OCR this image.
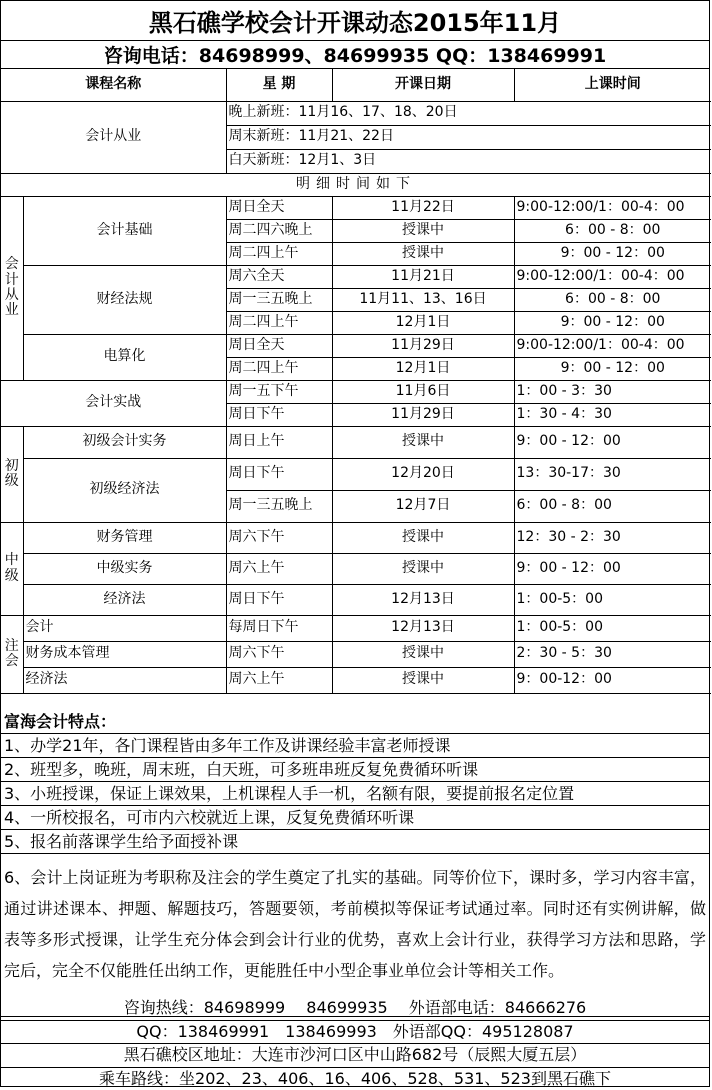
黑石礁学校会计开课动态2015年11月
咨询电话：84698999、84699935 QQ：138469991
课程名称		星 期	开课日期	上课时间
会计从业		晚上新班：11月16、17、18、20日		
		周末新班：11月21、22日		
		白天新班：12月1、3日		
明细时间如下				
会计从业	会计基础	周日全天	11月22日	9:00-12:00/1：00-4：00
		周二四六晚上	授课中	6：00 - 8：00
		周二四上午	授课中	9：00 - 12：00
	财经法规	周六全天	11月21日	9:00-12:00/1：00-4：00
		周一三五晚上	11月11、13、16日	6：00 - 8：00
		周二四上午	12月1日	9：00 - 12：00
	电算化	周日全天	11月29日	9:00-12:00/1：00-4：00
		周二四上午	12月1日	9：00 - 12：00
会计实战		周一五下午	11月6日	1：00 - 3：30
		周日下午	11月29日	1：30 - 4：30
初级	初级会计实务	周日上午	授课中	9：00 - 12：00
	初级经济法	周日下午	12月20日	13：30-17：30
		周一三五晚上	12月7日	6：00 - 8：00
中级	财务管理	周六下午	授课中	12：30 - 2：30
	中级实务	周六上午	授课中	9：00 - 12：00
	经济法	周日下午	12月13日	1：00-5：00
注会	会计	每周日下午	12月13日	1：00-5：00
	财务成本管理	周六下午	授课中	2：30 - 5：30
	经济法	周六上午	授课中	9：00-12：00
富海会计特点：
1、办学21年，各门课程皆由多年工作及讲课经验丰富老师授课
2、班型多，晚班，周末班，白天班，可多班串班反复免费循环听课
3、小班授课，保证上课效果，上机课程人手一机，名额有限，要提前报名定位置
4、一所校报名，可市内六校就近上课，反复免费循环听课
5、报名前落课学生给予面授补课
6、会计上岗证班为考职称及注会的学生奠定了扎实的基础。同等价位下，课时多，学习内容丰富，通过讲述课本、押题、解题技巧，答题要领，考前模拟等保证考试通过率。同时还有实例讲解，做表等多形式授课，让学生充分体会到会计行业的优势，喜欢上会计行业，获得学习方法和思路，学完后，完全不仅能胜任出纳工作，更能胜任中小型企事业单位会计等相关工作。
咨询热线：84698999　 84699935　 外语部电话：84666276
QQ：138469991　138469993　外语部QQ：495128087
黑石礁校区地址：大连市沙河口区中山路682号（辰熙大厦五层）
乘车路线：坐202、23、406、16、406、528、531、523到黑石礁下
